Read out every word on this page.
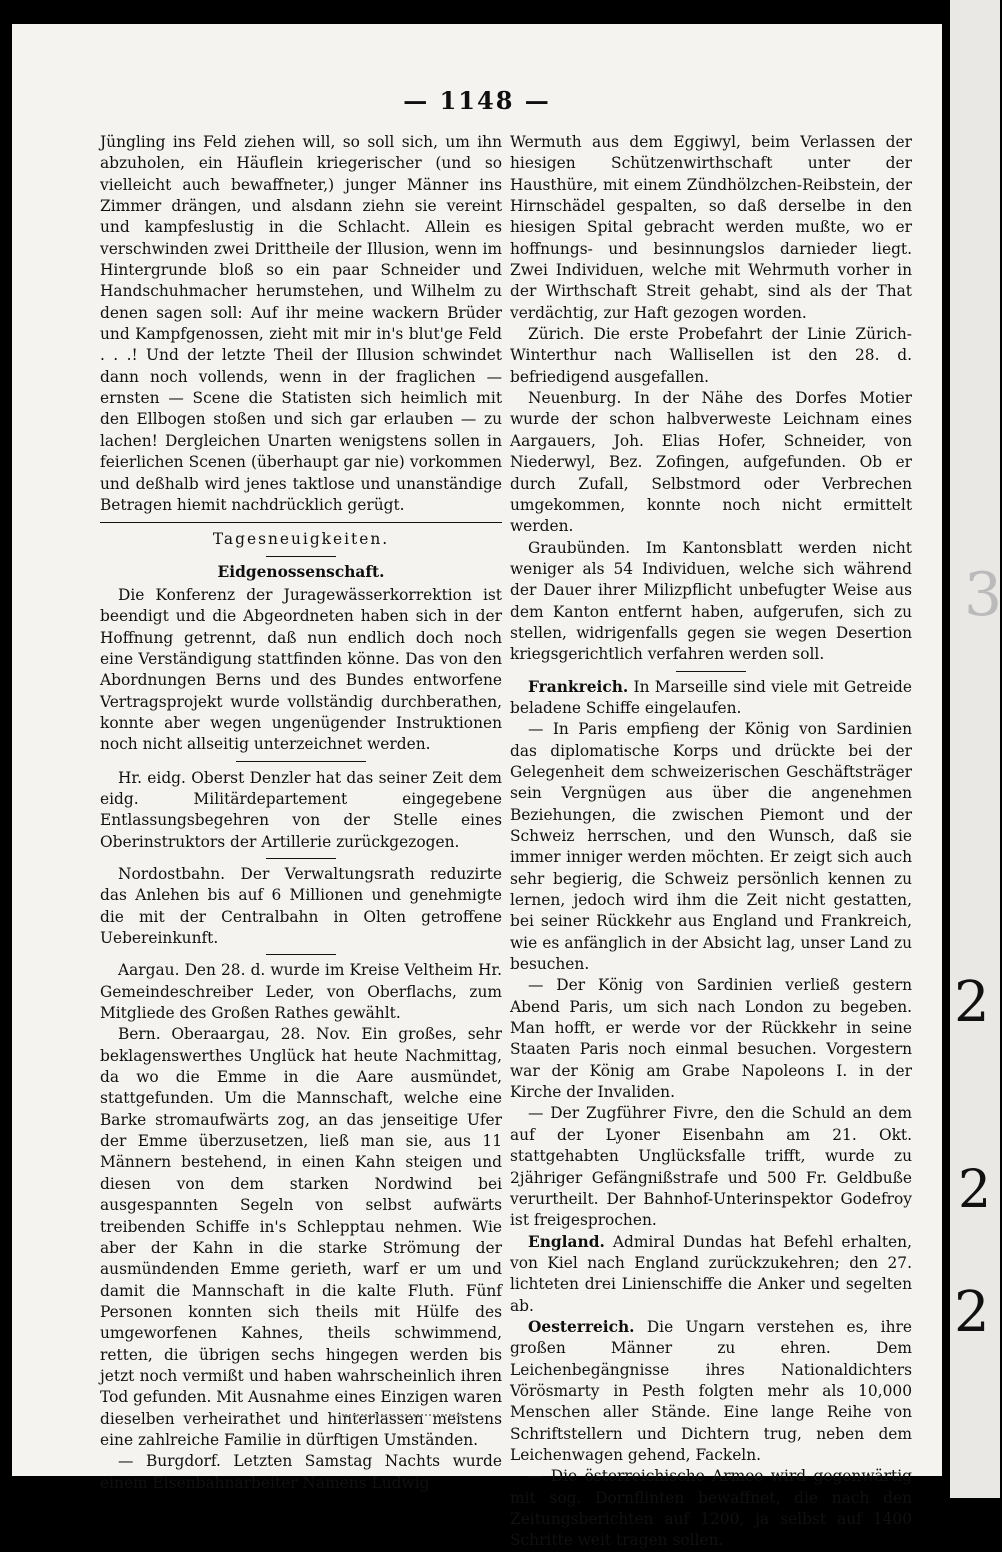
— 1148 —

Jüngling ins Feld ziehen will, so soll sich, um ihn abzuholen, ein Häuflein kriegerischer (und so vielleicht auch bewaffneter,) junger Männer ins Zimmer drängen, und alsdann ziehn sie vereint und kampfeslustig in die Schlacht. Allein es verschwinden zwei Drittheile der Illusion, wenn im Hintergrunde bloß so ein paar Schneider und Handschuhmacher herumstehen, und Wilhelm zu denen sagen soll: Auf ihr meine wackern Brüder und Kampfgenossen, zieht mit mir in's blut'ge Feld . . .! Und der letzte Theil der Illusion schwindet dann noch vollends, wenn in der fraglichen — ernsten — Scene die Statisten sich heimlich mit den Ellbogen stoßen und sich gar erlauben — zu lachen! Dergleichen Unarten wenigstens sollen in feierlichen Scenen (überhaupt gar nie) vorkommen und deßhalb wird jenes taktlose und unanständige Betragen hiemit nachdrücklich gerügt.

Tagesneuigkeiten.
Eidgenossenschaft.

Die Konferenz der Juragewässerkorrektion ist beendigt und die Abgeordneten haben sich in der Hoffnung getrennt, daß nun endlich doch noch eine Verständigung stattfinden könne. Das von den Abordnungen Berns und des Bundes entworfene Vertragsprojekt wurde vollständig durchberathen, konnte aber wegen ungenügender Instruktionen noch nicht allseitig unterzeichnet werden.

Hr. eidg. Oberst Denzler hat das seiner Zeit dem eidg. Militärdepartement eingegebene Entlassungsbegehren von der Stelle eines Oberinstruktors der Artillerie zurückgezogen.

Nordostbahn. Der Verwaltungsrath reduzirte das Anlehen bis auf 6 Millionen und genehmigte die mit der Centralbahn in Olten getroffene Uebereinkunft.

Aargau. Den 28. d. wurde im Kreise Veltheim Hr. Gemeindeschreiber Leder, von Oberflachs, zum Mitgliede des Großen Rathes gewählt.

Bern. Oberaargau, 28. Nov. Ein großes, sehr beklagenswerthes Unglück hat heute Nachmittag, da wo die Emme in die Aare ausmündet, stattgefunden. Um die Mannschaft, welche eine Barke stromaufwärts zog, an das jenseitige Ufer der Emme überzusetzen, ließ man sie, aus 11 Männern bestehend, in einen Kahn steigen und diesen von dem starken Nordwind bei ausgespannten Segeln von selbst aufwärts treibenden Schiffe in's Schlepptau nehmen. Wie aber der Kahn in die starke Strömung der ausmündenden Emme gerieth, warf er um und damit die Mannschaft in die kalte Fluth. Fünf Personen konnten sich theils mit Hülfe des umgeworfenen Kahnes, theils schwimmend, retten, die übrigen sechs hingegen werden bis jetzt noch vermißt und haben wahrscheinlich ihren Tod gefunden. Mit Ausnahme eines Einzigen waren dieselben verheirathet und hinterlassen meistens eine zahlreiche Familie in dürftigen Umständen.

— Burgdorf. Letzten Samstag Nachts wurde einem Eisenbahnarbeiter Namens Ludwig

Wermuth aus dem Eggiwyl, beim Verlassen der hiesigen Schützenwirthschaft unter der Hausthüre, mit einem Zündhölzchen-Reibstein, der Hirnschädel gespalten, so daß derselbe in den hiesigen Spital gebracht werden mußte, wo er hoffnungs- und besinnungslos darnieder liegt. Zwei Individuen, welche mit Wehrmuth vorher in der Wirthschaft Streit gehabt, sind als der That verdächtig, zur Haft gezogen worden.

Zürich. Die erste Probefahrt der Linie Zürich-Winterthur nach Wallisellen ist den 28. d. befriedigend ausgefallen.

Neuenburg. In der Nähe des Dorfes Motier wurde der schon halbverweste Leichnam eines Aargauers, Joh. Elias Hofer, Schneider, von Niederwyl, Bez. Zofingen, aufgefunden. Ob er durch Zufall, Selbstmord oder Verbrechen umgekommen, konnte noch nicht ermittelt werden.

Graubünden. Im Kantonsblatt werden nicht weniger als 54 Individuen, welche sich während der Dauer ihrer Milizpflicht unbefugter Weise aus dem Kanton entfernt haben, aufgerufen, sich zu stellen, widrigenfalls gegen sie wegen Desertion kriegsgerichtlich verfahren werden soll.

Frankreich. In Marseille sind viele mit Getreide beladene Schiffe eingelaufen.

— In Paris empfieng der König von Sardinien das diplomatische Korps und drückte bei der Gelegenheit dem schweizerischen Geschäftsträger sein Vergnügen aus über die angenehmen Beziehungen, die zwischen Piemont und der Schweiz herrschen, und den Wunsch, daß sie immer inniger werden möchten. Er zeigt sich auch sehr begierig, die Schweiz persönlich kennen zu lernen, jedoch wird ihm die Zeit nicht gestatten, bei seiner Rückkehr aus England und Frankreich, wie es anfänglich in der Absicht lag, unser Land zu besuchen.

— Der König von Sardinien verließ gestern Abend Paris, um sich nach London zu begeben. Man hofft, er werde vor der Rückkehr in seine Staaten Paris noch einmal besuchen. Vorgestern war der König am Grabe Napoleons I. in der Kirche der Invaliden.

— Der Zugführer Fivre, den die Schuld an dem auf der Lyoner Eisenbahn am 21. Okt. stattgehabten Unglücksfalle trifft, wurde zu 2jähriger Gefängnißstrafe und 500 Fr. Geldbuße verurtheilt. Der Bahnhof-Unterinspektor Godefroy ist freigesprochen.

England. Admiral Dundas hat Befehl erhalten, von Kiel nach England zurückzukehren; den 27. lichteten drei Linienschiffe die Anker und segelten ab.

Oesterreich. Die Ungarn verstehen es, ihre großen Männer zu ehren. Dem Leichenbegängnisse ihres Nationaldichters Vörösmarty in Pesth folgten mehr als 10,000 Menschen aller Stände. Eine lange Reihe von Schriftstellern und Dichtern trug, neben dem Leichenwagen gehend, Fackeln.

— Die österreichische Armee wird gegenwärtig mit sog. Dornflinten bewaffnet, die nach den Zeitungsberichten auf 1200, ja selbst auf 1400 Schritte weit tragen sollen.

2
2
2
3
